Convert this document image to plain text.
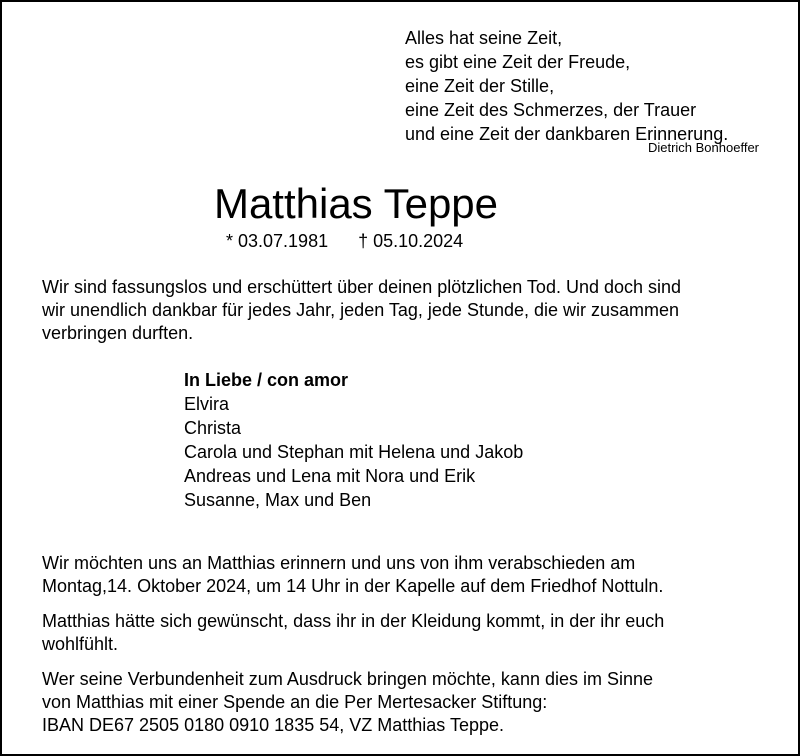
Alles hat seine Zeit,
es gibt eine Zeit der Freude,
eine Zeit der Stille,
eine Zeit des Schmerzes, der Trauer
und eine Zeit der dankbaren Erinnerung.
Dietrich Bonhoeffer
Matthias Teppe
* 03.07.1981 † 05.10.2024
Wir sind fassungslos und erschüttert über deinen plötzlichen Tod. Und doch sind
wir unendlich dankbar für jedes Jahr, jeden Tag, jede Stunde, die wir zusammen
verbringen durften.
In Liebe / con amor
Elvira
Christa
Carola und Stephan mit Helena und Jakob
Andreas und Lena mit Nora und Erik
Susanne, Max und Ben
Wir möchten uns an Matthias erinnern und uns von ihm verabschieden am
Montag,14. Oktober 2024, um 14 Uhr in der Kapelle auf dem Friedhof Nottuln.
Matthias hätte sich gewünscht, dass ihr in der Kleidung kommt, in der ihr euch
wohlfühlt.
Wer seine Verbundenheit zum Ausdruck bringen möchte, kann dies im Sinne
von Matthias mit einer Spende an die Per Mertesacker Stiftung:
IBAN DE67 2505 0180 0910 1835 54, VZ Matthias Teppe.
